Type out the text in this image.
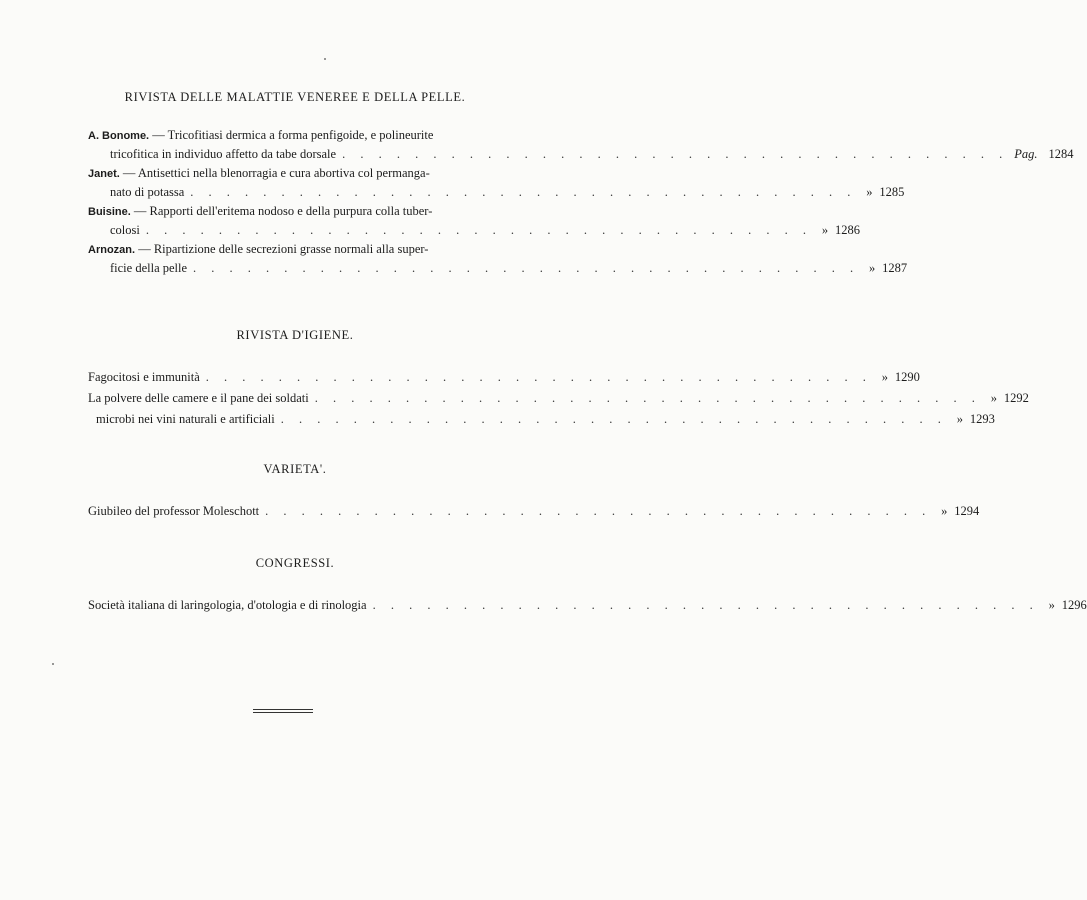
RIVISTA DELLE MALATTIE VENEREE E DELLA PELLE.
A. Bonome. — Tricofitiasi dermica a forma penfigoide, e polineurite
tricofitica in individuo affetto da tabe dorsale . . . . . . . . . . . . . . . . . . . . . . . . . . . . . . . . . . . . . Pag. 1284
Janet. — Antisettici nella blenorragia e cura abortiva col permanga-
nato di potassa . . . . . . . . . . . . . . . . . . . . . . . . . . . . . . . . . . . . . » 1285
Buisine. — Rapporti dell'eritema nodoso e della purpura colla tuber-
colosi . . . . . . . . . . . . . . . . . . . . . . . . . . . . . . . . . . . . . » 1286
Arnozan. — Ripartizione delle secrezioni grasse normali alla super-
ficie della pelle . . . . . . . . . . . . . . . . . . . . . . . . . . . . . . . . . . . . . » 1287
RIVISTA D'IGIENE.
Fagocitosi e immunità . . . . . . . . . . . . . . . . . . . . . . . . . . . . . . . . . . . . . » 1290
La polvere delle camere e il pane dei soldati . . . . . . . . . . . . . . . . . . . . . . . . . . . . . . . . . . . . . » 1292
microbi nei vini naturali e artificiali . . . . . . . . . . . . . . . . . . . . . . . . . . . . . . . . . . . . . » 1293
VARIETA'.
Giubileo del professor Moleschott . . . . . . . . . . . . . . . . . . . . . . . . . . . . . . . . . . . . . » 1294
CONGRESSI.
Società italiana di laringologia, d'otologia e di rinologia . . . . . . . . . . . . . . . . . . . . . . . . . . . . . . . . . . . . . » 1296
